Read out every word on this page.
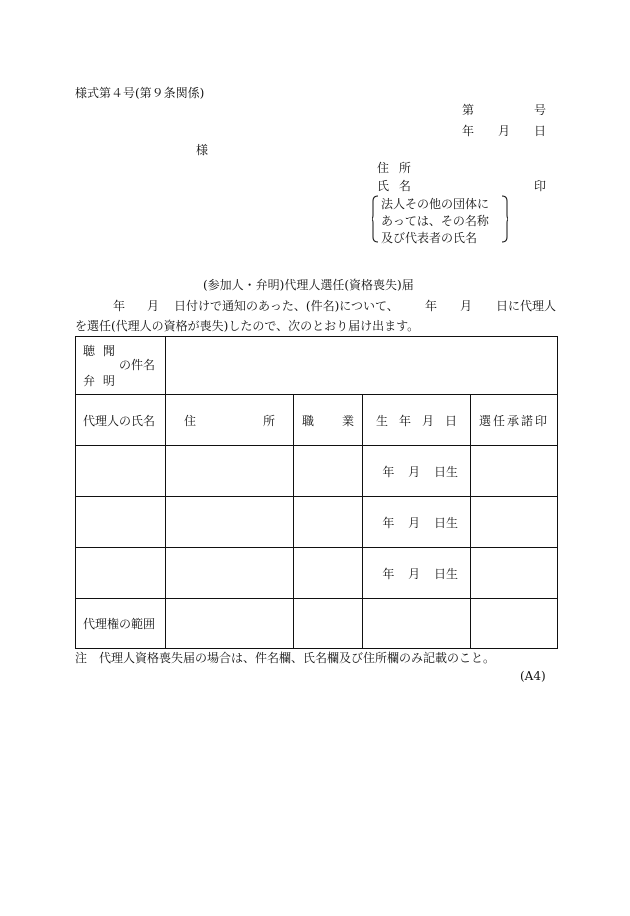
様式第４号(第９条関係)
第	号
年 月 日
様
住 所
氏 名	印
法人その他の団体に
あっては、その名称
及び代表者の氏名
(参加人・弁明)代理人選任(資格喪失)届
年 月 日付けで通知のあった、(件名)について、 年 月 日に代理人
を選任(代理人の資格が喪失)したので、次のとおり届け出ます。
聴 聞
の件名
弁 明				

代理人の氏名	住 所	職 業	生 年 月 日	選任承諾印
			年 月 日生	
			年 月 日生	
			年 月 日生	
代理権の範囲				
注　代理人資格喪失届の場合は、件名欄、氏名欄及び住所欄のみ記載のこと。
(A4)
